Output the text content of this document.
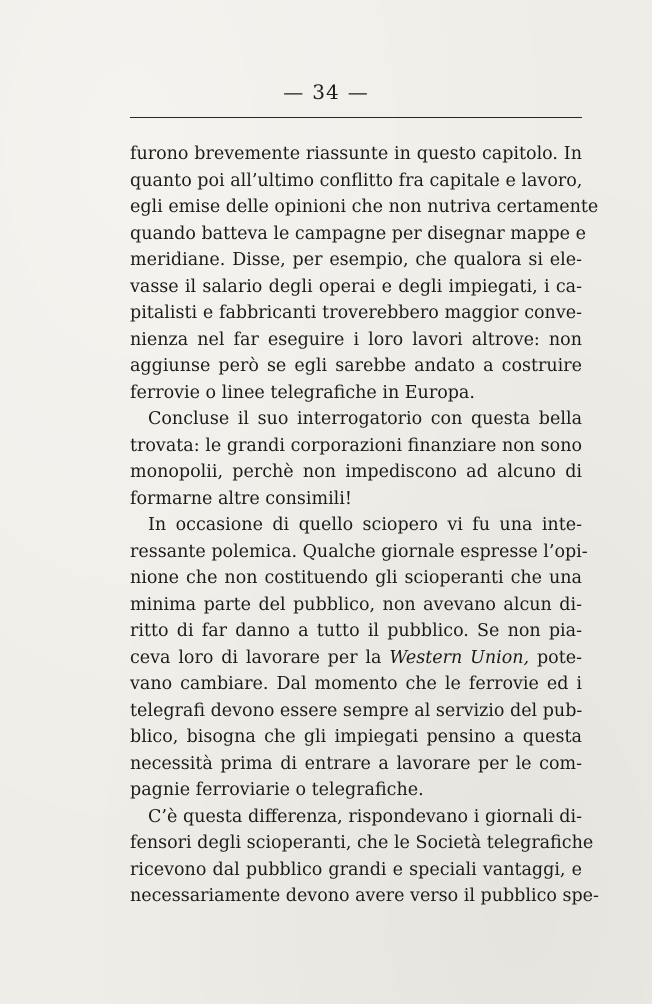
— 34 —
furono brevemente riassunte in questo capitolo. In
quanto poi all’ultimo conflitto fra capitale e lavoro,
egli emise delle opinioni che non nutriva certamente
quando batteva le campagne per disegnar mappe e
meridiane. Disse, per esempio, che qualora si ele-
vasse il salario degli operai e degli impiegati, i ca-
pitalisti e fabbricanti troverebbero maggior conve-
nienza nel far eseguire i loro lavori altrove: non
aggiunse però se egli sarebbe andato a costruire
ferrovie o linee telegrafiche in Europa.
Concluse il suo interrogatorio con questa bella
trovata: le grandi corporazioni finanziare non sono
monopolii, perchè non impediscono ad alcuno di
formarne altre consimili!
In occasione di quello sciopero vi fu una inte-
ressante polemica. Qualche giornale espresse l’opi-
nione che non costituendo gli scioperanti che una
minima parte del pubblico, non avevano alcun di-
ritto di far danno a tutto il pubblico. Se non pia-
ceva loro di lavorare per la Western Union, pote-
vano cambiare. Dal momento che le ferrovie ed i
telegrafi devono essere sempre al servizio del pub-
blico, bisogna che gli impiegati pensino a questa
necessità prima di entrare a lavorare per le com-
pagnie ferroviarie o telegrafiche.
C’è questa differenza, rispondevano i giornali di-
fensori degli scioperanti, che le Società telegrafiche
ricevono dal pubblico grandi e speciali vantaggi, e
necessariamente devono avere verso il pubblico spe-
